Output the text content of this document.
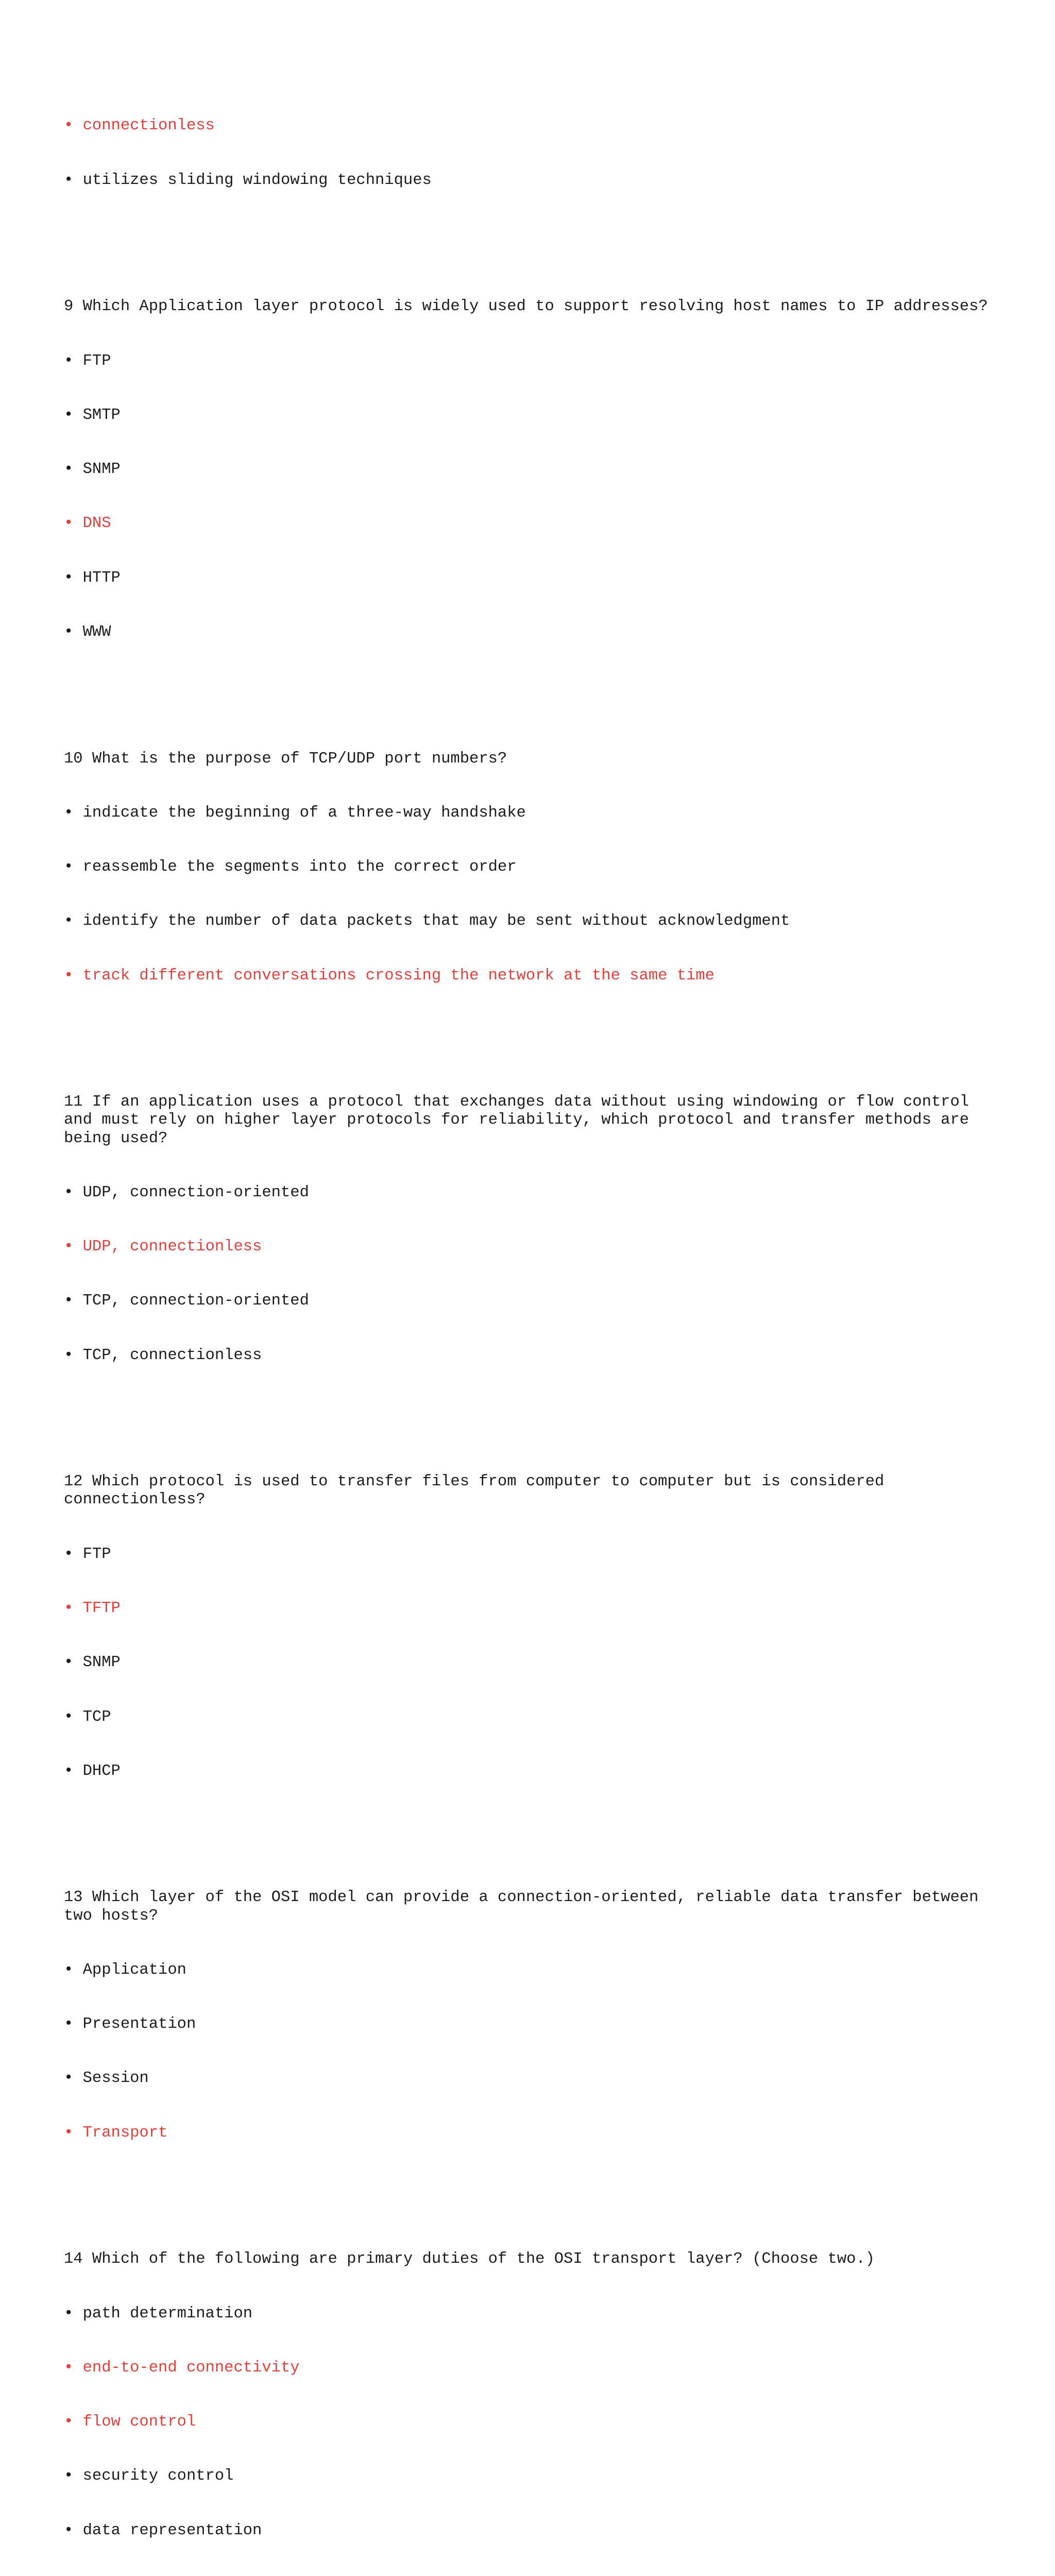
• connectionless

• utilizes sliding windowing techniques

9 Which Application layer protocol is widely used to support resolving host names to IP addresses?

• FTP

• SMTP

• SNMP

• DNS

• HTTP

• WWW

10 What is the purpose of TCP/UDP port numbers?

• indicate the beginning of a three-way handshake

• reassemble the segments into the correct order

• identify the number of data packets that may be sent without acknowledgment

• track different conversations crossing the network at the same time

11 If an application uses a protocol that exchanges data without using windowing or flow control and must rely on higher layer protocols for reliability, which protocol and transfer methods are being used?

• UDP, connection-oriented

• UDP, connectionless

• TCP, connection-oriented

• TCP, connectionless

12 Which protocol is used to transfer files from computer to computer but is considered connectionless?

• FTP

• TFTP

• SNMP

• TCP

• DHCP

13 Which layer of the OSI model can provide a connection-oriented, reliable data transfer between two hosts?

• Application

• Presentation

• Session

• Transport

14 Which of the following are primary duties of the OSI transport layer? (Choose two.)

• path determination

• end-to-end connectivity

• flow control

• security control

• data representation
